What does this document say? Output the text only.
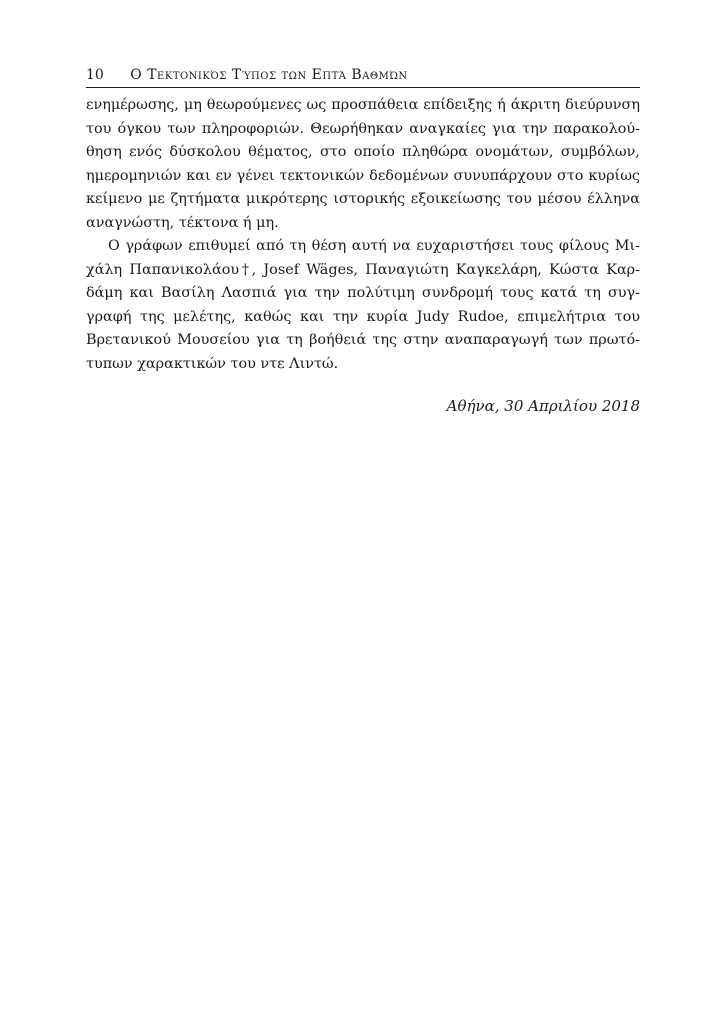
10 Ο Τεκτονικός Τύπος των Επτά Βαθμών
ενημέρωσης, μη θεωρούμενες ως προσπάθεια επίδειξης ή άκριτη διεύρυνση
του όγκου των πληροφοριών. Θεωρήθηκαν αναγκαίες για την παρακολού-
θηση ενός δύσκολου θέματος, στο οποίο πληθώρα ονομάτων, συμβόλων,
ημερομηνιών και εν γένει τεκτονικών δεδομένων συνυπάρχουν στο κυρίως
κείμενο με ζητήματα μικρότερης ιστορικής εξοικείωσης του μέσου έλληνα
αναγνώστη, τέκτονα ή μη.
Ο γράφων επιθυμεί από τη θέση αυτή να ευχαριστήσει τους φίλους Μι-
χάλη Παπανικολάου†, Josef Wäges, Παναγιώτη Καγκελάρη, Κώστα Καρ-
δάμη και Βασίλη Λασπιά για την πολύτιμη συνδρομή τους κατά τη συγ-
γραφή της μελέτης, καθώς και την κυρία Judy Rudoe, επιμελήτρια του
Βρετανικού Μουσείου για τη βοήθειά της στην αναπαραγωγή των πρωτό-
τυπων χαρακτικών του ντε Λιντώ.
Αθήνα, 30 Απριλίου 2018
